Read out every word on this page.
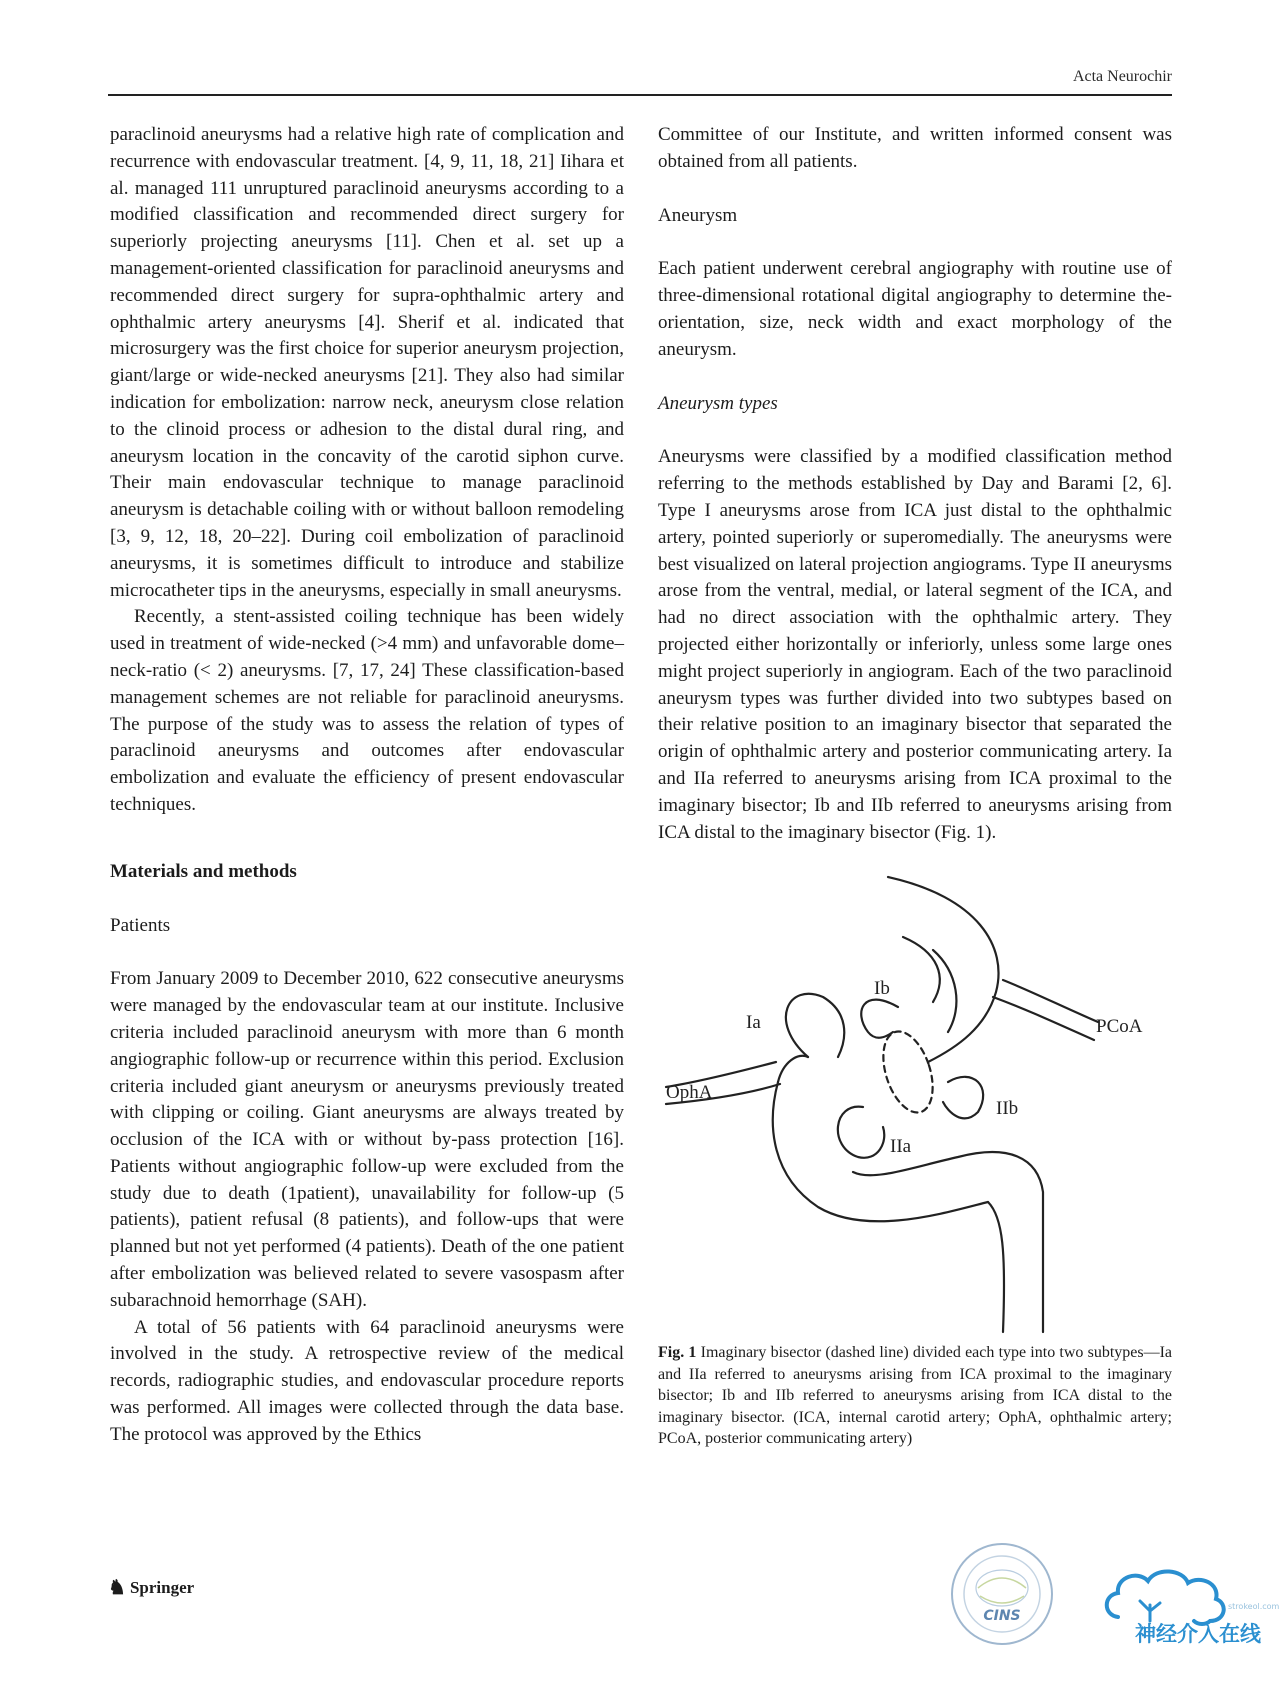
Acta Neurochir

paraclinoid aneurysms had a relative high rate of complication and recurrence with endovascular treatment. [4, 9, 11, 18, 21] Iihara et al. managed 111 unruptured paraclinoid aneurysms according to a modified classification and recommended direct surgery for superiorly projecting aneurysms [11]. Chen et al. set up a management-oriented classification for paraclinoid aneurysms and recommended direct surgery for supra-ophthalmic artery and ophthalmic artery aneurysms [4]. Sherif et al. indicated that microsurgery was the first choice for superior aneurysm projection, giant/large or wide-necked aneurysms [21]. They also had similar indication for embolization: narrow neck, aneurysm close relation to the clinoid process or adhesion to the distal dural ring, and aneurysm location in the concavity of the carotid siphon curve. Their main endovascular technique to manage paraclinoid aneurysm is detachable coiling with or without balloon remodeling [3, 9, 12, 18, 20–22]. During coil embolization of paraclinoid aneurysms, it is sometimes difficult to introduce and stabilize microcatheter tips in the aneurysms, especially in small aneurysms.

Recently, a stent-assisted coiling technique has been widely used in treatment of wide-necked (>4 mm) and unfavorable dome–neck-ratio (< 2) aneurysms. [7, 17, 24] These classification-based management schemes are not reliable for paraclinoid aneurysms. The purpose of the study was to assess the relation of types of paraclinoid aneurysms and outcomes after endovascular embolization and evaluate the efficiency of present endovascular techniques.

Materials and methods

Patients

From January 2009 to December 2010, 622 consecutive aneurysms were managed by the endovascular team at our institute. Inclusive criteria included paraclinoid aneurysm with more than 6 month angiographic follow-up or recurrence within this period. Exclusion criteria included giant aneurysm or aneurysms previously treated with clipping or coiling. Giant aneurysms are always treated by occlusion of the ICA with or without by-pass protection [16]. Patients without angiographic follow-up were excluded from the study due to death (1patient), unavailability for follow-up (5 patients), patient refusal (8 patients), and follow-ups that were planned but not yet performed (4 patients). Death of the one patient after embolization was believed related to severe vasospasm after subarachnoid hemorrhage (SAH).

A total of 56 patients with 64 paraclinoid aneurysms were involved in the study. A retrospective review of the medical records, radiographic studies, and endovascular procedure reports was performed. All images were collected through the data base. The protocol was approved by the Ethics

Committee of our Institute, and written informed consent was obtained from all patients.

Aneurysm

Each patient underwent cerebral angiography with routine use of three-dimensional rotational digital angiography to determine the-orientation, size, neck width and exact morphology of the aneurysm.

Aneurysm types

Aneurysms were classified by a modified classification method referring to the methods established by Day and Barami [2, 6]. Type I aneurysms arose from ICA just distal to the ophthalmic artery, pointed superiorly or superomedially. The aneurysms were best visualized on lateral projection angiograms. Type II aneurysms arose from the ventral, medial, or lateral segment of the ICA, and had no direct association with the ophthalmic artery. They projected either horizontally or inferiorly, unless some large ones might project superiorly in angiogram. Each of the two paraclinoid aneurysm types was further divided into two subtypes based on their relative position to an imaginary bisector that separated the origin of ophthalmic artery and posterior communicating artery. Ia and IIa referred to aneurysms arising from ICA proximal to the imaginary bisector; Ib and IIb referred to aneurysms arising from ICA distal to the imaginary bisector (Fig. 1).

Ib
Ia	PCoA
OphA
IIb
IIa

Fig. 1 Imaginary bisector (dashed line) divided each type into two subtypes—Ia and IIa referred to aneurysms arising from ICA proximal to the imaginary bisector; Ib and IIb referred to aneurysms arising from ICA distal to the imaginary bisector. (ICA, internal carotid artery; OphA, ophthalmic artery; PCoA, posterior communicating artery)

♞ Springer
CINS
strokeol.com
神经介入在线
